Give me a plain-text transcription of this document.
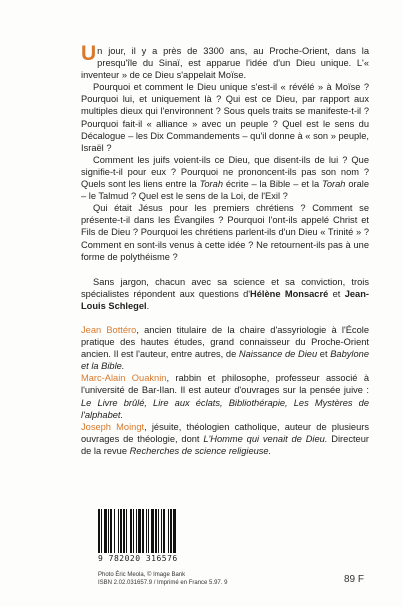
Un jour, il y a près de 3300 ans, au Proche-Orient, dans la presqu'île du Sinaï, est apparue l'idée d'un Dieu unique. L'« inventeur » de ce Dieu s'appelait Moïse.

Pourquoi et comment le Dieu unique s'est-il « révélé » à Moïse ? Pourquoi lui, et uniquement là ? Qui est ce Dieu, par rapport aux multiples dieux qui l'environnent ? Sous quels traits se manifeste-t-il ? Pourquoi fait-il « alliance » avec un peuple ? Quel est le sens du Décalogue – les Dix Commandements – qu'il donne à « son » peuple, Israël ?

Comment les juifs voient-ils ce Dieu, que disent-ils de lui ? Que signifie-t-il pour eux ? Pourquoi ne prononcent-ils pas son nom ? Quels sont les liens entre la Torah écrite – la Bible – et la Torah orale – le Talmud ? Quel est le sens de la Loi, de l'Exil ?

Qui était Jésus pour les premiers chrétiens ? Comment se présente-t-il dans les Évangiles ? Pourquoi l'ont-ils appelé Christ et Fils de Dieu ? Pourquoi les chrétiens parlent-ils d'un Dieu « Trinité » ? Comment en sont-ils venus à cette idée ? Ne retournent-ils pas à une forme de polythéisme ?

Sans jargon, chacun avec sa science et sa conviction, trois spécialistes répondent aux questions d'Hélène Monsacré et Jean-Louis Schlegel.

Jean Bottéro, ancien titulaire de la chaire d'assyriologie à l'École pratique des hautes études, grand connaisseur du Proche-Orient ancien. Il est l'auteur, entre autres, de Naissance de Dieu et Babylone et la Bible.

Marc-Alain Ouaknin, rabbin et philosophe, professeur associé à l'université de Bar-Ilan. Il est auteur d'ouvrages sur la pensée juive : Le Livre brûlé, Lire aux éclats, Bibliothérapie, Les Mystères de l'alphabet.

Joseph Moingt, jésuite, théologien catholique, auteur de plusieurs ouvrages de théologie, dont L'Homme qui venait de Dieu. Directeur de la revue Recherches de science religieuse.

9 782020 316576
Photo Éric Meola, © Image Bank
ISBN 2.02.031657.9 / Imprimé en France 5.97. 9	89 F
